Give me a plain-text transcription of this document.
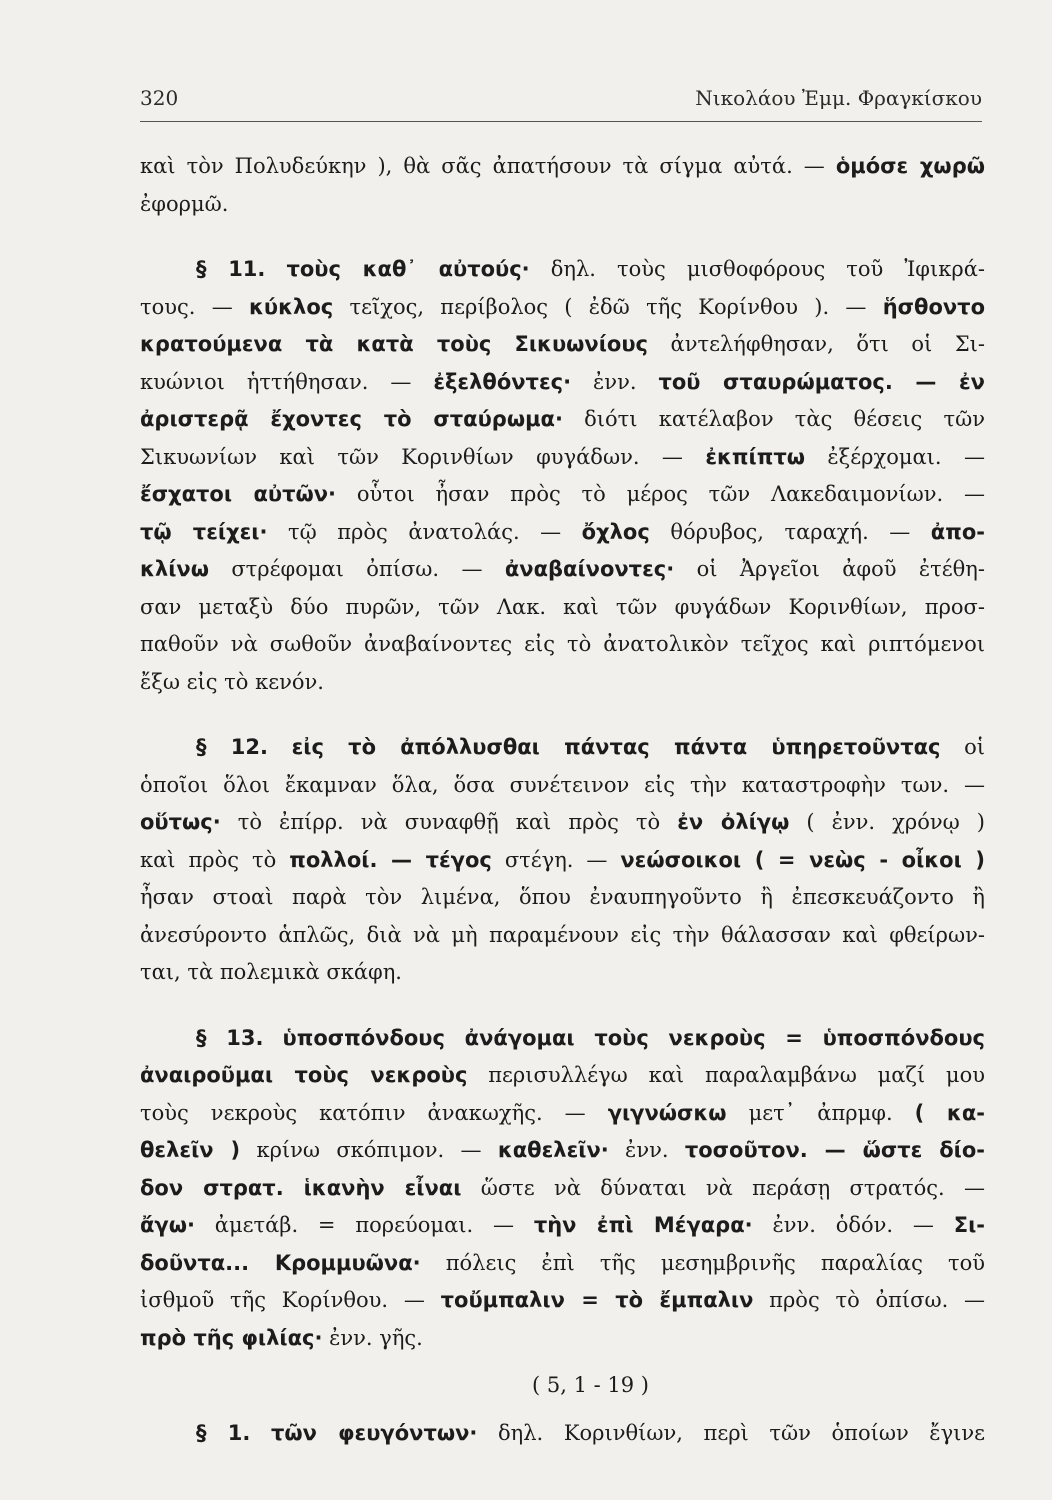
320	Νικολάου Ἐμμ. Φραγκίσκου
καὶ τὸν Πολυδεύκην ), θὰ σᾶς ἀπατήσουν τὰ σίγμα αὐτά. — ὁμόσε χωρῶ
ἐφορμῶ.
§ 11. τοὺς καθ᾽ αὐτούς· δηλ. τοὺς μισθοφόρους τοῦ Ἰφικρά-
τους. — κύκλος τεῖχος, περίβολος ( ἐδῶ τῆς Κορίνθου ). — ἥσθοντο
κρατούμενα τὰ κατὰ τοὺς Σικυωνίους ἀντελήφθησαν, ὅτι οἱ Σι-
κυώνιοι ἡττήθησαν. — ἐξελθόντες· ἐνν. τοῦ σταυρώματος. — ἐν
ἀριστερᾷ ἔχοντες τὸ σταύρωμα· διότι κατέλαβον τὰς θέσεις τῶν
Σικυωνίων καὶ τῶν Κορινθίων φυγάδων. — ἐκπίπτω ἐξέρχομαι. —
ἔσχατοι αὐτῶν· οὗτοι ἦσαν πρὸς τὸ μέρος τῶν Λακεδαιμονίων. —
τῷ τείχει· τῷ πρὸς ἀνατολάς. — ὄχλος θόρυβος, ταραχή. — ἀπο-
κλίνω στρέφομαι ὀπίσω. — ἀναβαίνοντες· οἱ Ἀργεῖοι ἀφοῦ ἐτέθη-
σαν μεταξὺ δύο πυρῶν, τῶν Λακ. καὶ τῶν φυγάδων Κορινθίων, προσ-
παθοῦν νὰ σωθοῦν ἀναβαίνοντες εἰς τὸ ἀνατολικὸν τεῖχος καὶ ριπτόμενοι
ἔξω εἰς τὸ κενόν.
§ 12. εἰς τὸ ἀπόλλυσθαι πάντας πάντα ὑπηρετοῦντας οἱ
ὁποῖοι ὅλοι ἔκαμναν ὅλα, ὅσα συνέτεινον εἰς τὴν καταστροφὴν των. —
οὕτως· τὸ ἐπίρρ. νὰ συναφθῇ καὶ πρὸς τὸ ἐν ὀλίγῳ ( ἐνν. χρόνῳ )
καὶ πρὸς τὸ πολλοί. — τέγος στέγη. — νεώσοικοι ( = νεὼς - οἶκοι )
ἦσαν στοαὶ παρὰ τὸν λιμένα, ὅπου ἐναυπηγοῦντο ἢ ἐπεσκευάζοντο ἢ
ἀνεσύροντο ἁπλῶς, διὰ νὰ μὴ παραμένουν εἰς τὴν θάλασσαν καὶ φθείρων-
ται, τὰ πολεμικὰ σκάφη.
§ 13. ὑποσπόνδους ἀνάγομαι τοὺς νεκροὺς = ὑποσπόνδους
ἀναιροῦμαι τοὺς νεκροὺς περισυλλέγω καὶ παραλαμβάνω μαζί μου
τοὺς νεκροὺς κατόπιν ἀνακωχῆς. — γιγνώσκω μετ᾽ ἀπρμφ. ( κα-
θελεῖν ) κρίνω σκόπιμον. — καθελεῖν· ἐνν. τοσοῦτον. — ὥστε δίο-
δον στρατ. ἱκανὴν εἶναι ὥστε νὰ δύναται νὰ περάσῃ στρατός. —
ἄγω· ἀμετάβ. = πορεύομαι. — τὴν ἐπὶ Μέγαρα· ἐνν. ὁδόν. — Σι-
δοῦντα... Κρομμυῶνα· πόλεις ἐπὶ τῆς μεσημβρινῆς παραλίας τοῦ
ἰσθμοῦ τῆς Κορίνθου. — τοὔμπαλιν = τὸ ἔμπαλιν πρὸς τὸ ὀπίσω. —
πρὸ τῆς φιλίας· ἐνν. γῆς.
( 5, 1 - 19 )
§ 1. τῶν φευγόντων· δηλ. Κορινθίων, περὶ τῶν ὁποίων ἔγινε
